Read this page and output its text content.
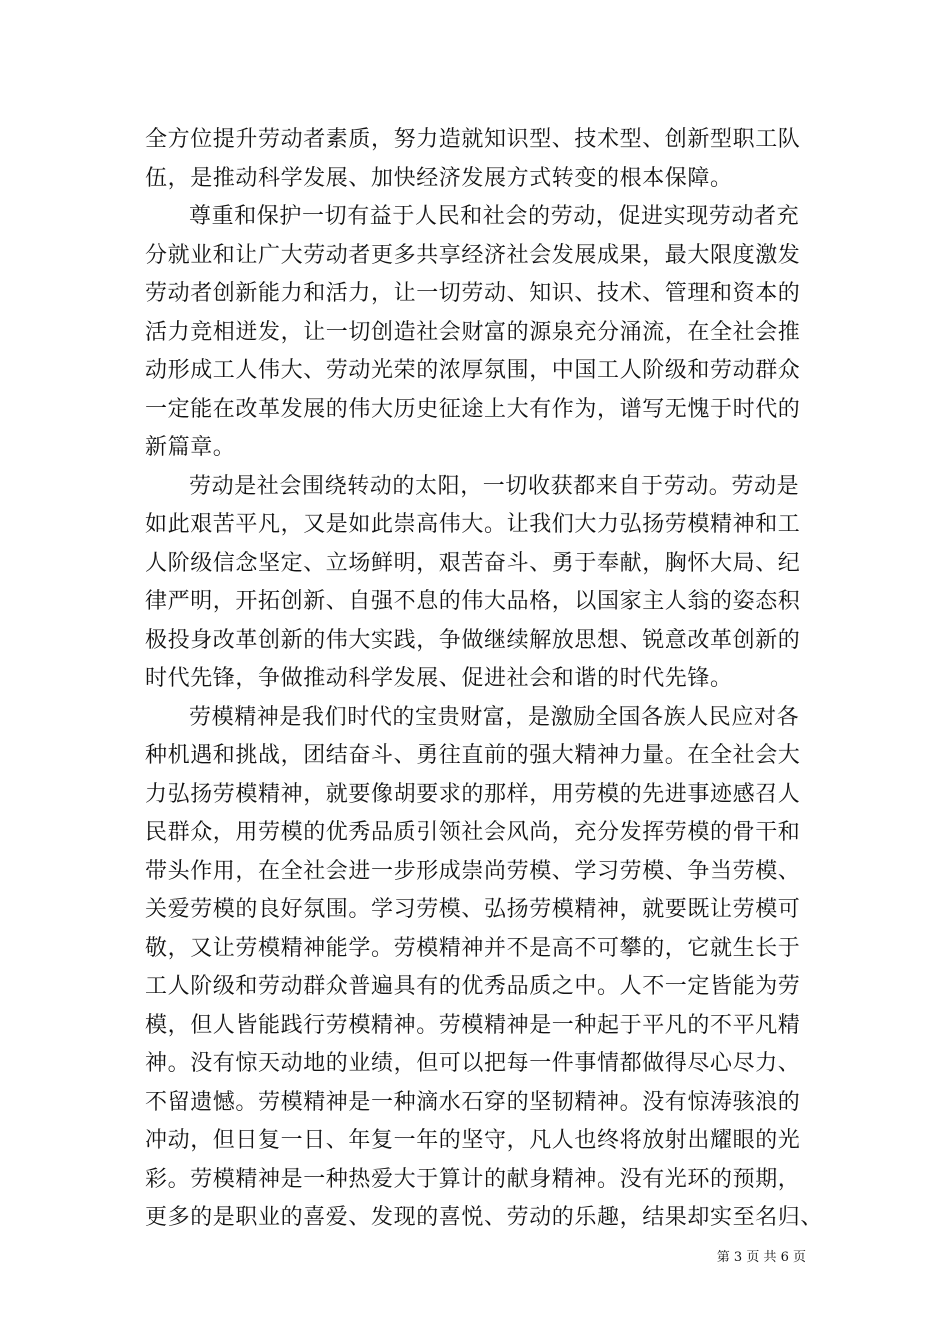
全方位提升劳动者素质，努力造就知识型、技术型、创新型职工队
伍，是推动科学发展、加快经济发展方式转变的根本保障。
尊重和保护一切有益于人民和社会的劳动，促进实现劳动者充
分就业和让广大劳动者更多共享经济社会发展成果，最大限度激发
劳动者创新能力和活力，让一切劳动、知识、技术、管理和资本的
活力竞相迸发，让一切创造社会财富的源泉充分涌流，在全社会推
动形成工人伟大、劳动光荣的浓厚氛围，中国工人阶级和劳动群众
一定能在改革发展的伟大历史征途上大有作为，谱写无愧于时代的
新篇章。
劳动是社会围绕转动的太阳，一切收获都来自于劳动。劳动是
如此艰苦平凡，又是如此崇高伟大。让我们大力弘扬劳模精神和工
人阶级信念坚定、立场鲜明，艰苦奋斗、勇于奉献，胸怀大局、纪
律严明，开拓创新、自强不息的伟大品格，以国家主人翁的姿态积
极投身改革创新的伟大实践，争做继续解放思想、锐意改革创新的
时代先锋，争做推动科学发展、促进社会和谐的时代先锋。
劳模精神是我们时代的宝贵财富，是激励全国各族人民应对各
种机遇和挑战，团结奋斗、勇往直前的强大精神力量。在全社会大
力弘扬劳模精神，就要像胡要求的那样，用劳模的先进事迹感召人
民群众，用劳模的优秀品质引领社会风尚，充分发挥劳模的骨干和
带头作用，在全社会进一步形成崇尚劳模、学习劳模、争当劳模、
关爱劳模的良好氛围。学习劳模、弘扬劳模精神，就要既让劳模可
敬，又让劳模精神能学。劳模精神并不是高不可攀的，它就生长于
工人阶级和劳动群众普遍具有的优秀品质之中。人不一定皆能为劳
模，但人皆能践行劳模精神。劳模精神是一种起于平凡的不平凡精
神。没有惊天动地的业绩，但可以把每一件事情都做得尽心尽力、
不留遗憾。劳模精神是一种滴水石穿的坚韧精神。没有惊涛骇浪的
冲动，但日复一日、年复一年的坚守，凡人也终将放射出耀眼的光
彩。劳模精神是一种热爱大于算计的献身精神。没有光环的预期，
更多的是职业的喜爱、发现的喜悦、劳动的乐趣，结果却实至名归、
第 3 页 共 6 页
